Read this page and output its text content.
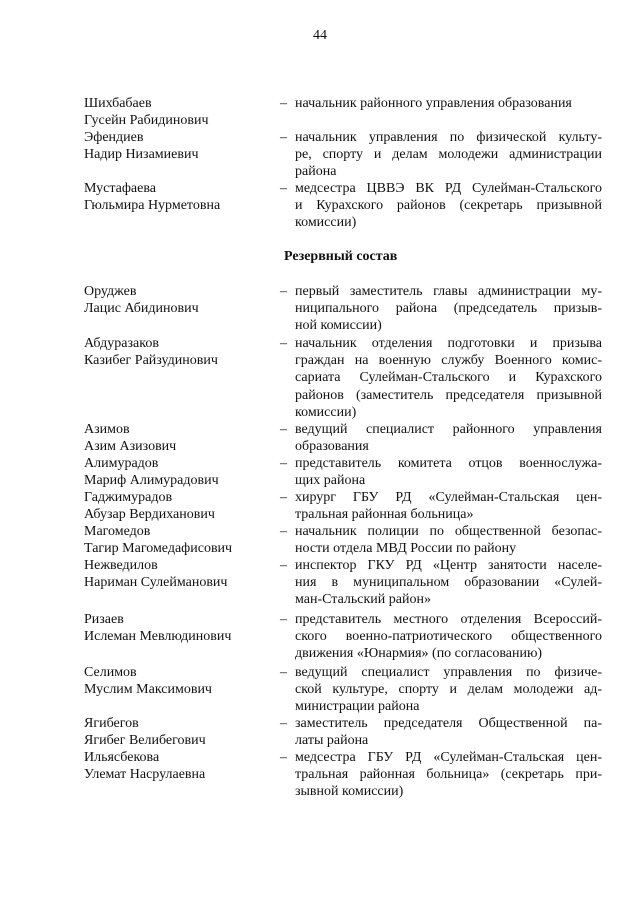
44
Шихбабаев
Гусейн Рабидинович
– начальник районного управления образования
Эфендиев
Надир Низамиевич
– начальник управления по физической культу-
ре, спорту и делам молодежи администрации
района
Мустафаева
Гюльмира Нурметовна
– медсестра ЦВВЭ ВК РД Сулейман-Стальского
и Курахского районов (секретарь призывной
комиссии)
Резервный состав
Оруджев
Лацис Абидинович
– первый заместитель главы администрации му-
ниципального района (председатель призыв-
ной комиссии)
Абдуразаков
Казибег Райзудинович
– начальник отделения подготовки и призыва
граждан на военную службу Военного комис-
сариата Сулейман-Стальского и Курахского
районов (заместитель председателя призывной
комиссии)
Азимов
Азим Азизович
– ведущий специалист районного управления
образования
Алимурадов
Мариф Алимурадович
– представитель комитета отцов военнослужа-
щих района
Гаджимурадов
Абузар Вердиханович
– хирург ГБУ РД «Сулейман-Стальская цен-
тральная районная больница»
Магомедов
Тагир Магомедафисович
– начальник полиции по общественной безопас-
ности отдела МВД России по району
Нежведилов
Нариман Сулейманович
– инспектор ГКУ РД «Центр занятости населе-
ния в муниципальном образовании «Сулей-
ман-Стальский район»
Ризаев
Ислеман Мевлюдинович
– представитель местного отделения Всероссий-
ского военно-патриотического общественного
движения «Юнармия» (по согласованию)
Селимов
Муслим Максимович
– ведущий специалист управления по физиче-
ской культуре, спорту и делам молодежи ад-
министрации района
Ягибегов
Ягибег Велибегович
– заместитель председателя Общественной па-
латы района
Ильясбекова
Улемат Насрулаевна
– медсестра ГБУ РД «Сулейман-Стальская цен-
тральная районная больница» (секретарь при-
зывной комиссии)
